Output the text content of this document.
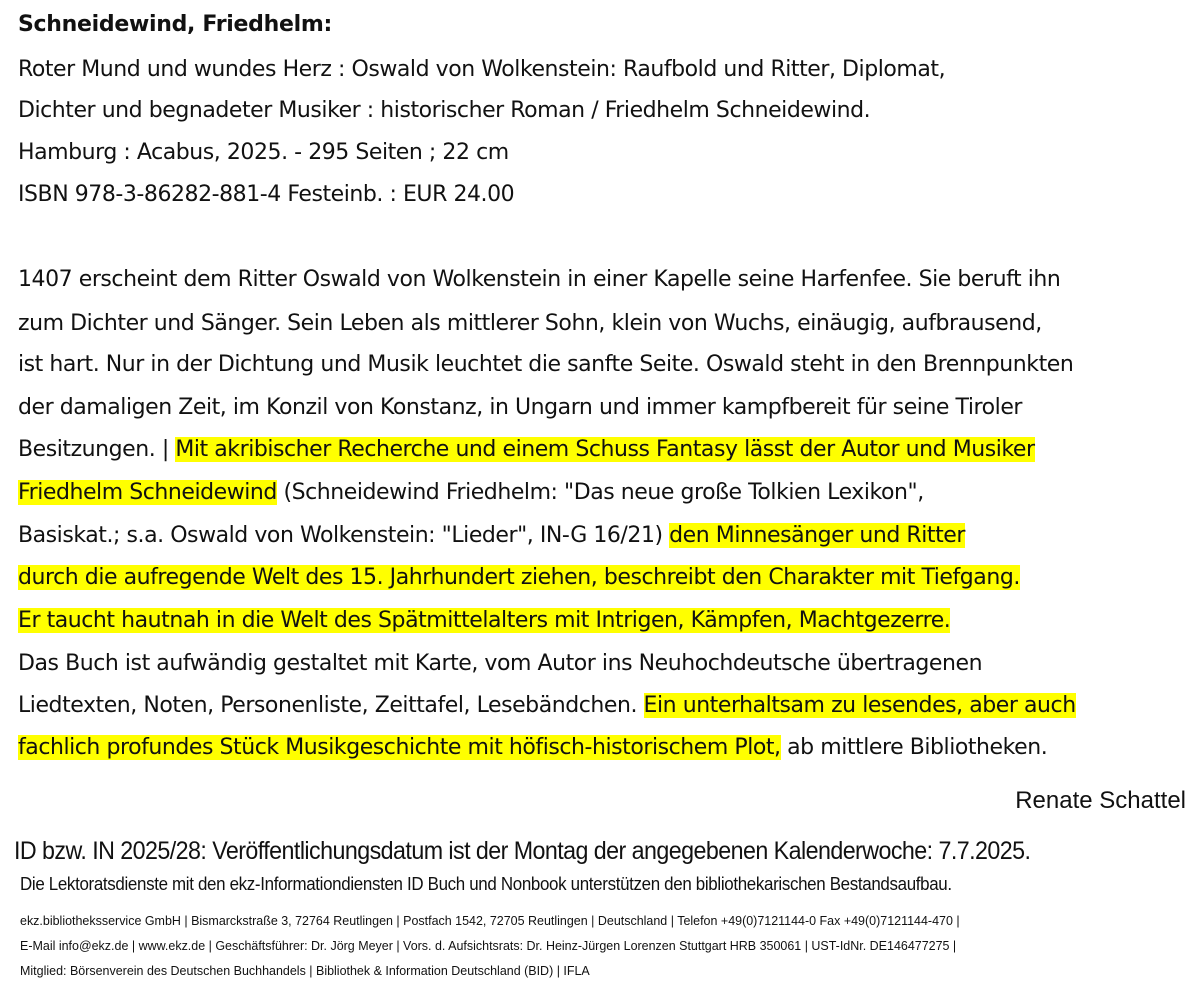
Schneidewind, Friedhelm:
Roter Mund und wundes Herz : Oswald von Wolkenstein: Raufbold und Ritter, Diplomat,
Dichter und begnadeter Musiker : historischer Roman / Friedhelm Schneidewind.
Hamburg : Acabus, 2025. - 295 Seiten ; 22 cm
ISBN 978-3-86282-881-4 Festeinb. : EUR 24.00
1407 erscheint dem Ritter Oswald von Wolkenstein in einer Kapelle seine Harfenfee. Sie beruft ihn
zum Dichter und Sänger. Sein Leben als mittlerer Sohn, klein von Wuchs, einäugig, aufbrausend,
ist hart. Nur in der Dichtung und Musik leuchtet die sanfte Seite. Oswald steht in den Brennpunkten
der damaligen Zeit, im Konzil von Konstanz, in Ungarn und immer kampfbereit für seine Tiroler
Besitzungen. | Mit akribischer Recherche und einem Schuss Fantasy lässt der Autor und Musiker
Friedhelm Schneidewind (Schneidewind Friedhelm: "Das neue große Tolkien Lexikon",
Basiskat.; s.a. Oswald von Wolkenstein: "Lieder", IN-G 16/21) den Minnesänger und Ritter
durch die aufregende Welt des 15. Jahrhundert ziehen, beschreibt den Charakter mit Tiefgang.
Er taucht hautnah in die Welt des Spätmittelalters mit Intrigen, Kämpfen, Machtgezerre.
Das Buch ist aufwändig gestaltet mit Karte, vom Autor ins Neuhochdeutsche übertragenen
Liedtexten, Noten, Personenliste, Zeittafel, Lesebändchen. Ein unterhaltsam zu lesendes, aber auch
fachlich profundes Stück Musikgeschichte mit höfisch-historischem Plot, ab mittlere Bibliotheken.
Renate Schattel
ID bzw. IN 2025/28: Veröffentlichungsdatum ist der Montag der angegebenen Kalenderwoche: 7.7.2025.
Die Lektoratsdienste mit den ekz-Informationdiensten ID Buch und Nonbook unterstützen den bibliothekarischen Bestandsaufbau.
ekz.bibliotheksservice GmbH | Bismarckstraße 3, 72764 Reutlingen | Postfach 1542, 72705 Reutlingen | Deutschland | Telefon +49(0)7121144-0 Fax +49(0)7121144-470 |
E-Mail info@ekz.de | www.ekz.de | Geschäftsführer: Dr. Jörg Meyer | Vors. d. Aufsichtsrats: Dr. Heinz-Jürgen Lorenzen Stuttgart HRB 350061 | UST-IdNr. DE146477275 |
Mitglied: Börsenverein des Deutschen Buchhandels | Bibliothek & Information Deutschland (BID) | IFLA
